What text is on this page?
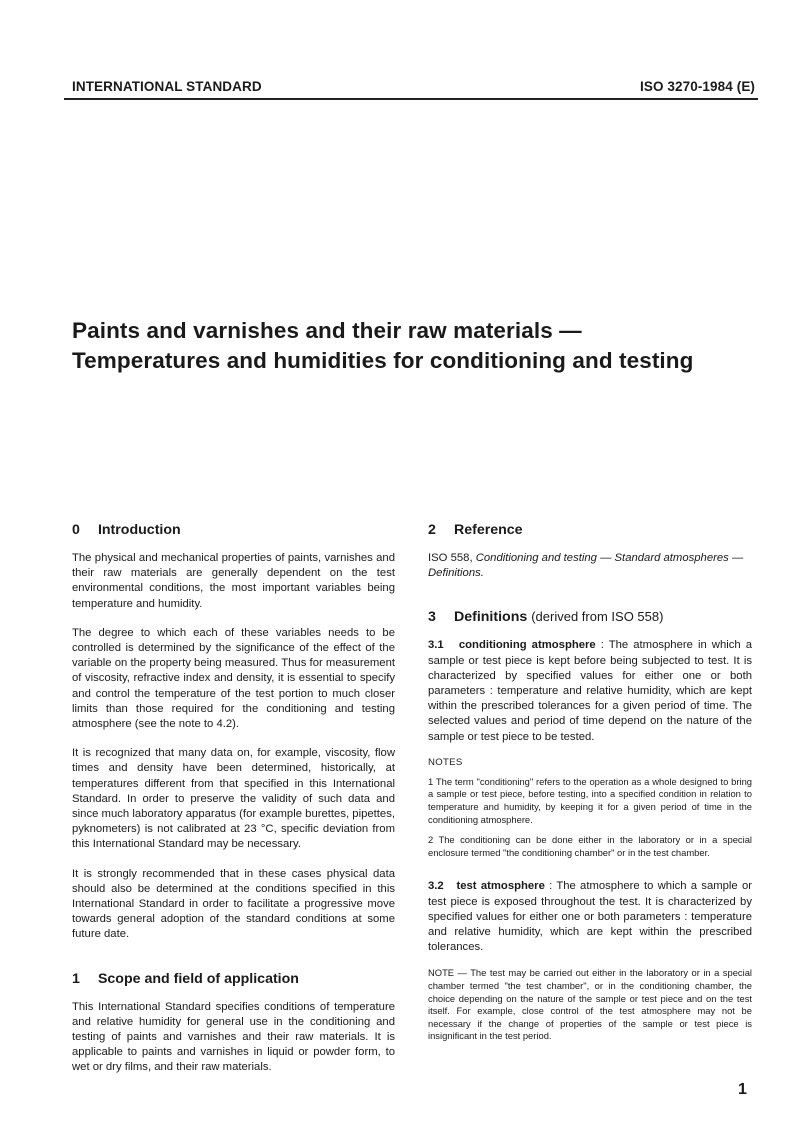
INTERNATIONAL STANDARD	ISO 3270-1984 (E)
Paints and varnishes and their raw materials —
Temperatures and humidities for conditioning and testing
0 Introduction

The physical and mechanical properties of paints, varnishes and their raw materials are generally dependent on the test environmental conditions, the most important variables being temperature and humidity.

The degree to which each of these variables needs to be controlled is determined by the significance of the effect of the variable on the property being measured. Thus for measurement of viscosity, refractive index and density, it is essential to specify and control the temperature of the test portion to much closer limits than those required for the conditioning and testing atmosphere (see the note to 4.2).

It is recognized that many data on, for example, viscosity, flow times and density have been determined, historically, at temperatures different from that specified in this International Standard. In order to preserve the validity of such data and since much laboratory apparatus (for example burettes, pipettes, pyknometers) is not calibrated at 23 °C, specific deviation from this International Standard may be necessary.

It is strongly recommended that in these cases physical data should also be determined at the conditions specified in this International Standard in order to facilitate a progressive move towards general adoption of the standard conditions at some future date.

1 Scope and field of application

This International Standard specifies conditions of temperature and relative humidity for general use in the conditioning and testing of paints and varnishes and their raw materials. It is applicable to paints and varnishes in liquid or powder form, to wet or dry films, and their raw materials.

2 Reference

ISO 558, Conditioning and testing — Standard atmospheres — Definitions.

3 Definitions (derived from ISO 558)

3.1 conditioning atmosphere : The atmosphere in which a sample or test piece is kept before being subjected to test. It is characterized by specified values for either one or both parameters : temperature and relative humidity, which are kept within the prescribed tolerances for a given period of time. The selected values and period of time depend on the nature of the sample or test piece to be tested.

NOTES
1 The term "conditioning" refers to the operation as a whole designed to bring a sample or test piece, before testing, into a specified condition in relation to temperature and humidity, by keeping it for a given period of time in the conditioning atmosphere.
2 The conditioning can be done either in the laboratory or in a special enclosure termed "the conditioning chamber" or in the test chamber.

3.2 test atmosphere : The atmosphere to which a sample or test piece is exposed throughout the test. It is characterized by specified values for either one or both parameters : temperature and relative humidity, which are kept within the prescribed tolerances.

NOTE — The test may be carried out either in the laboratory or in a special chamber termed "the test chamber", or in the conditioning chamber, the choice depending on the nature of the sample or test piece and on the test itself. For example, close control of the test atmosphere may not be necessary if the change of properties of the sample or test piece is insignificant in the test period.
1
